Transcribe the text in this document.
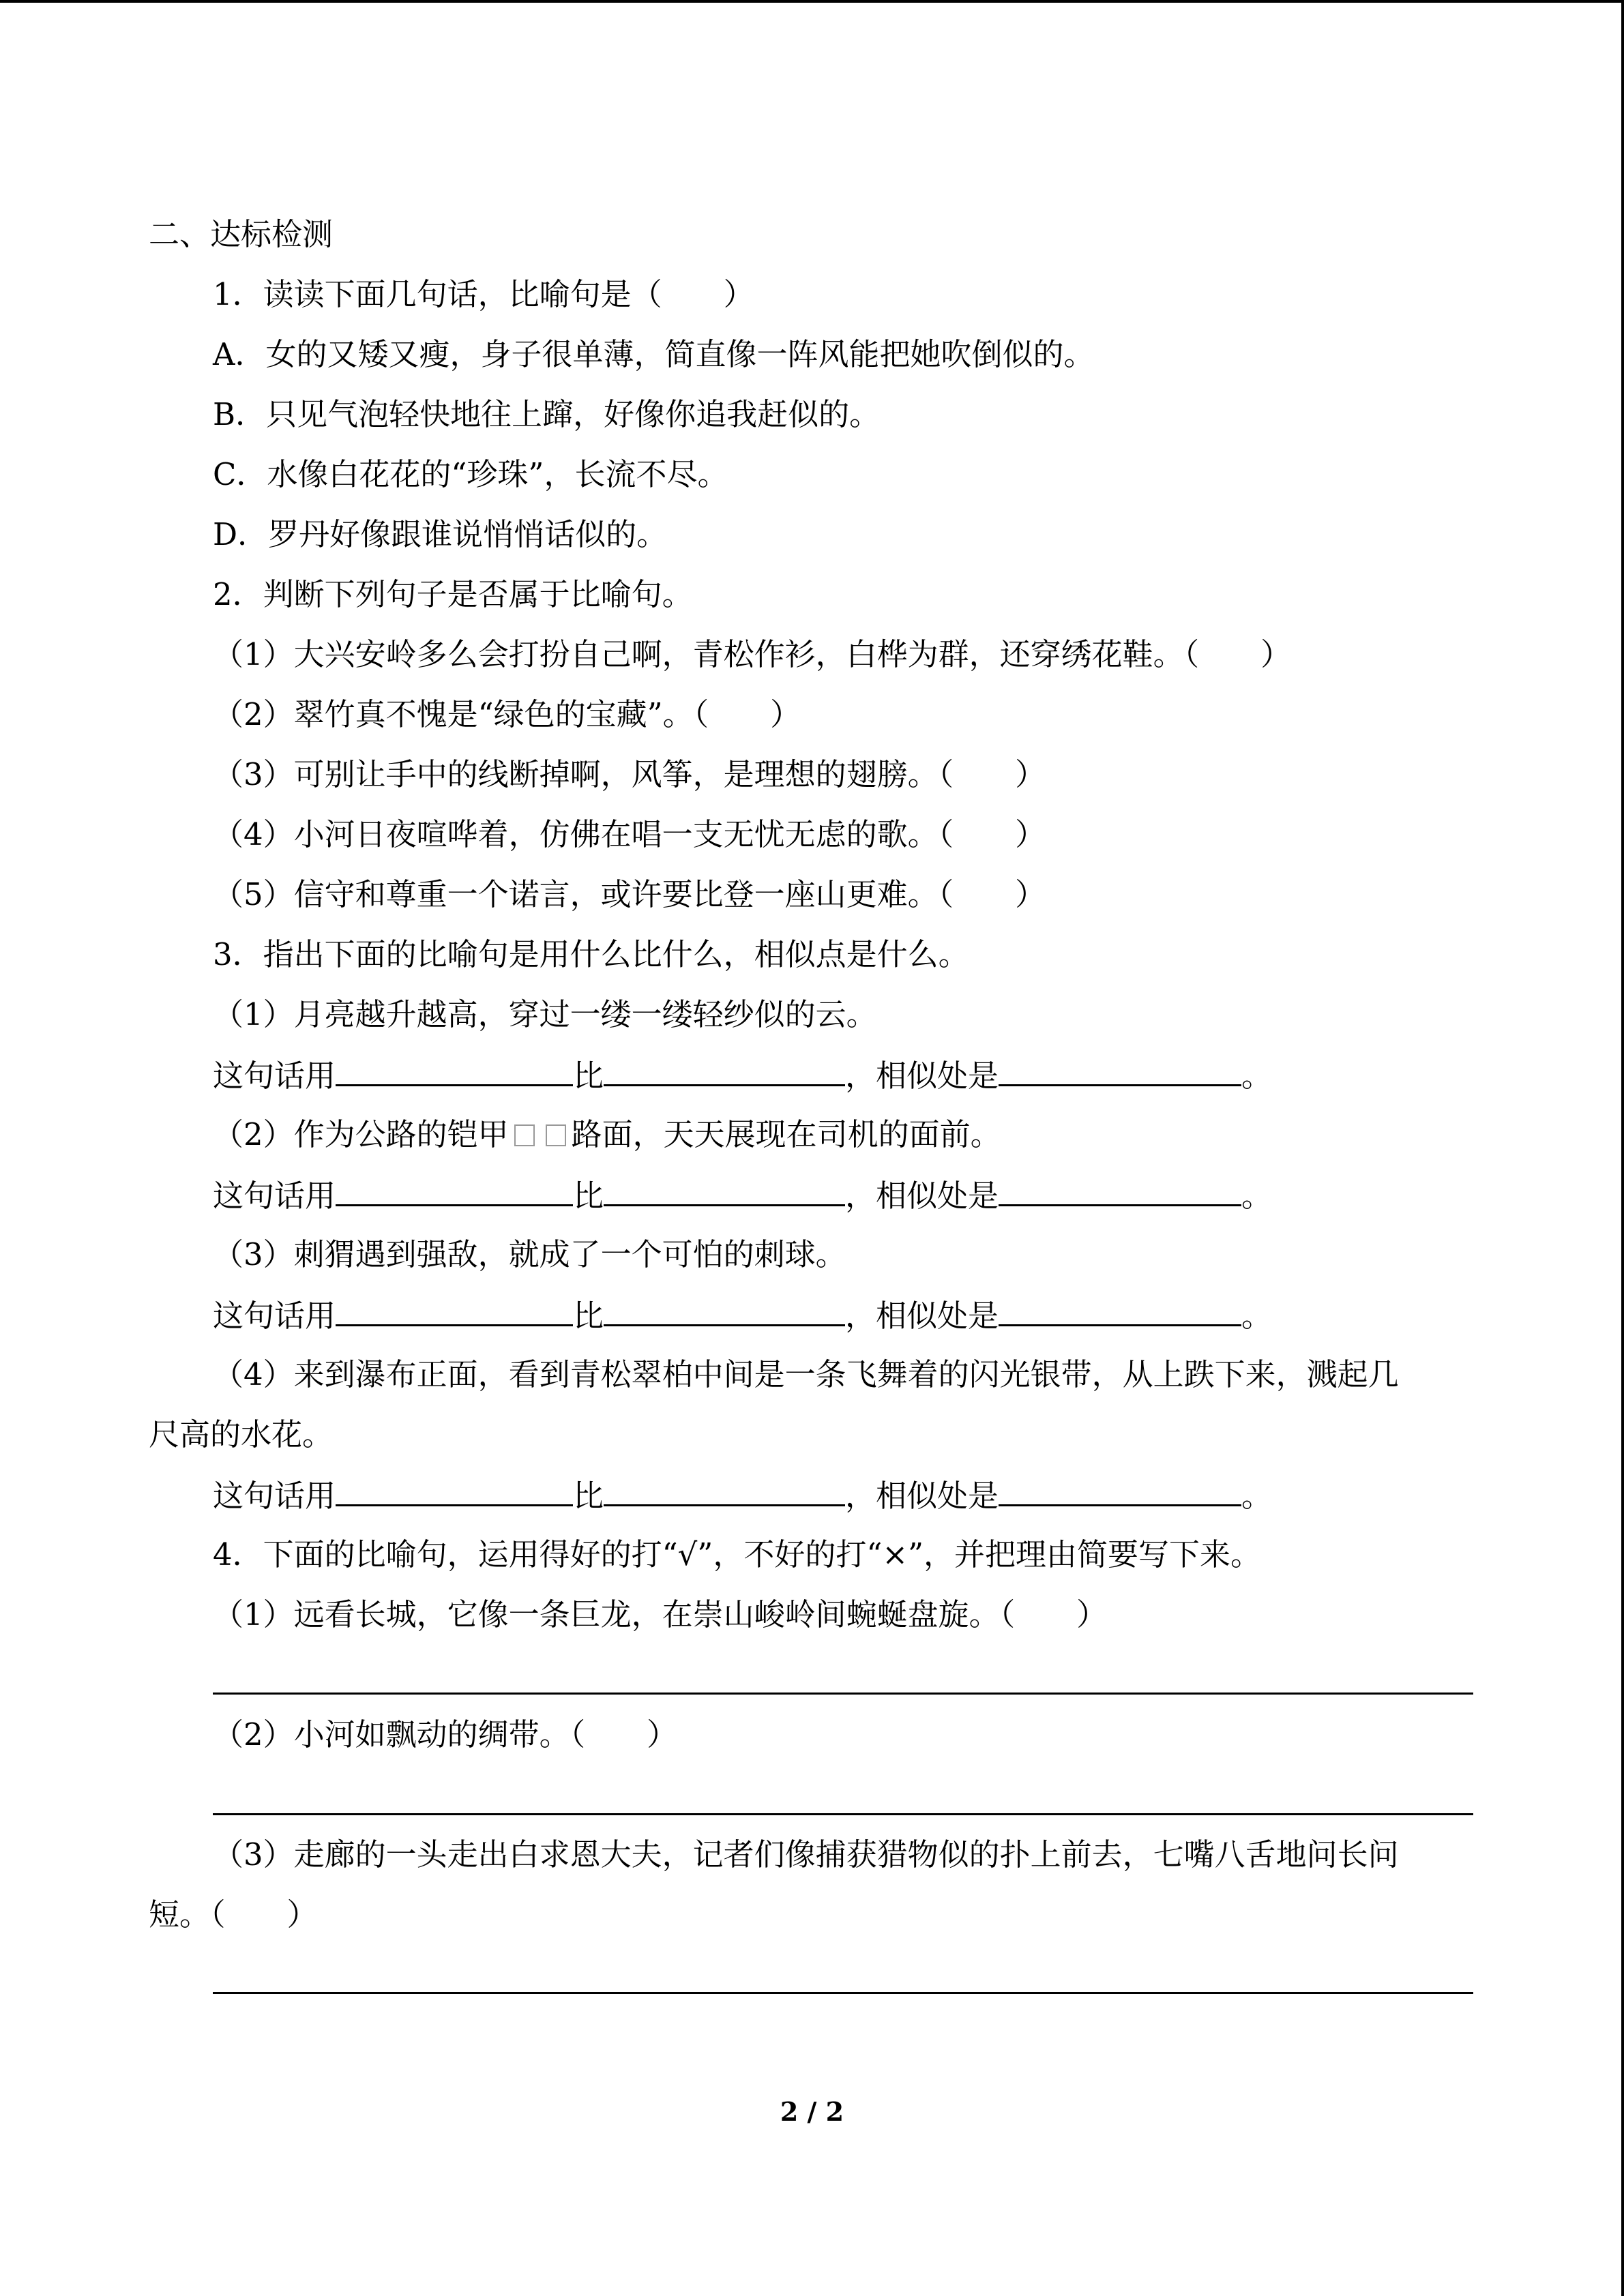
二、达标检测

1．读读下面几句话，比喻句是（　　）

A．女的又矮又瘦，身子很单薄，简直像一阵风能把她吹倒似的。

B．只见气泡轻快地往上蹿，好像你追我赶似的。

C．水像白花花的“珍珠”，长流不尽。

D．罗丹好像跟谁说悄悄话似的。

2．判断下列句子是否属于比喻句。

（1）大兴安岭多么会打扮自己啊，青松作衫，白桦为群，还穿绣花鞋。（　　）

（2）翠竹真不愧是“绿色的宝藏”。（　　）

（3）可别让手中的线断掉啊，风筝，是理想的翅膀。（　　）

（4）小河日夜喧哗着，仿佛在唱一支无忧无虑的歌。（　　）

（5）信守和尊重一个诺言，或许要比登一座山更难。（　　）

3．指出下面的比喻句是用什么比什么，相似点是什么。

（1）月亮越升越高，穿过一缕一缕轻纱似的云。

这句话用	比	，相似处是	。

（2）作为公路的铠甲 路面，天天展现在司机的面前。

这句话用	比	，相似处是	。

（3）刺猬遇到强敌，就成了一个可怕的刺球。

这句话用	比	，相似处是	。

（4）来到瀑布正面，看到青松翠柏中间是一条飞舞着的闪光银带，从上跌下来，溅起几

尺高的水花。

这句话用	比	，相似处是	。

4．下面的比喻句，运用得好的打“√”，不好的打“×”，并把理由简要写下来。

（1）远看长城，它像一条巨龙，在崇山峻岭间蜿蜒盘旋。（　　）

（2）小河如飘动的绸带。（　　）

（3）走廊的一头走出白求恩大夫，记者们像捕获猎物似的扑上前去，七嘴八舌地问长问

短。（　　）

2 / 2
